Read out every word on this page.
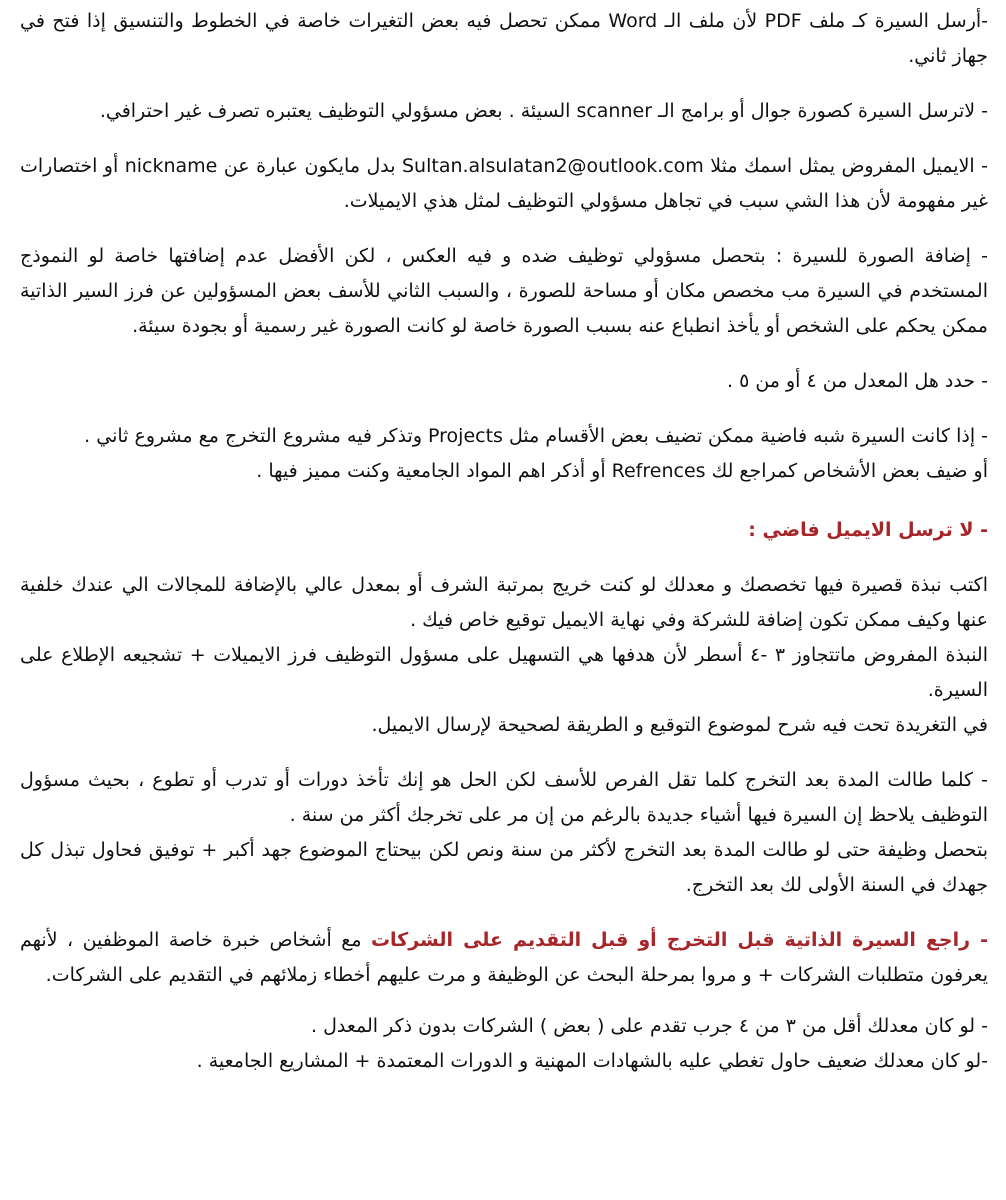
-أرسل السيرة كـ ملف PDF لأن ملف الـ Word ممكن تحصل فيه بعض التغيرات خاصة في الخطوط والتنسيق إذا فتح في جهاز ثاني.

- لاترسل السيرة كصورة جوال أو برامج الـ scanner السيئة . بعض مسؤولي التوظيف يعتبره تصرف غير احترافي.

- الايميل المفروض يمثل اسمك مثلا Sultan.alsulatan2@outlook.com بدل مايكون عبارة عن nickname أو اختصارات غير مفهومة لأن هذا الشي سبب في تجاهل مسؤولي التوظيف لمثل هذي الايميلات.

- إضافة الصورة للسيرة : بتحصل مسؤولي توظيف ضده و فيه العكس ، لكن الأفضل عدم إضافتها خاصة لو النموذج المستخدم في السيرة مب مخصص مكان أو مساحة للصورة ، والسبب الثاني للأسف بعض المسؤولين عن فرز السير الذاتية ممكن يحكم على الشخص أو يأخذ انطباع عنه بسبب الصورة خاصة لو كانت الصورة غير رسمية أو بجودة سيئة.

- حدد هل المعدل من ٤ أو من ٥ .

- إذا كانت السيرة شبه فاضية ممكن تضيف بعض الأقسام مثل Projects وتذكر فيه مشروع التخرج مع مشروع ثاني .

أو ضيف بعض الأشخاص كمراجع لك Refrences أو أذكر اهم المواد الجامعية وكنت مميز فيها .

- لا ترسل الايميل فاضي :

اكتب نبذة قصيرة فيها تخصصك و معدلك لو كنت خريج بمرتبة الشرف أو بمعدل عالي بالإضافة للمجالات الي عندك خلفية عنها وكيف ممكن تكون إضافة للشركة وفي نهاية الايميل توقيع خاص فيك .

النبذة المفروض ماتتجاوز ٣ -٤ أسطر لأن هدفها هي التسهيل على مسؤول التوظيف فرز الايميلات + تشجيعه الإطلاع على السيرة.

في التغريدة تحت فيه شرح لموضوع التوقيع و الطريقة لصحيحة لإرسال الايميل.

- كلما طالت المدة بعد التخرج كلما تقل الفرص للأسف لكن الحل هو إنك تأخذ دورات أو تدرب أو تطوع ، بحيث مسؤول التوظيف يلاحظ إن السيرة فيها أشياء جديدة بالرغم من إن مر على تخرجك أكثر من سنة .

بتحصل وظيفة حتى لو طالت المدة بعد التخرج لأكثر من سنة ونص لكن بيحتاج الموضوع جهد أكبر + توفيق فحاول تبذل كل جهدك في السنة الأولى لك بعد التخرج.

- راجع السيرة الذاتية قبل التخرج أو قبل التقديم على الشركات مع أشخاص خبرة خاصة الموظفين ، لأنهم يعرفون متطلبات الشركات + و مروا بمرحلة البحث عن الوظيفة و مرت عليهم أخطاء زملائهم في التقديم على الشركات.

- لو كان معدلك أقل من ٣ من ٤ جرب تقدم على ( بعض ) الشركات بدون ذكر المعدل .

-لو كان معدلك ضعيف حاول تغطي عليه بالشهادات المهنية و الدورات المعتمدة + المشاريع الجامعية .
